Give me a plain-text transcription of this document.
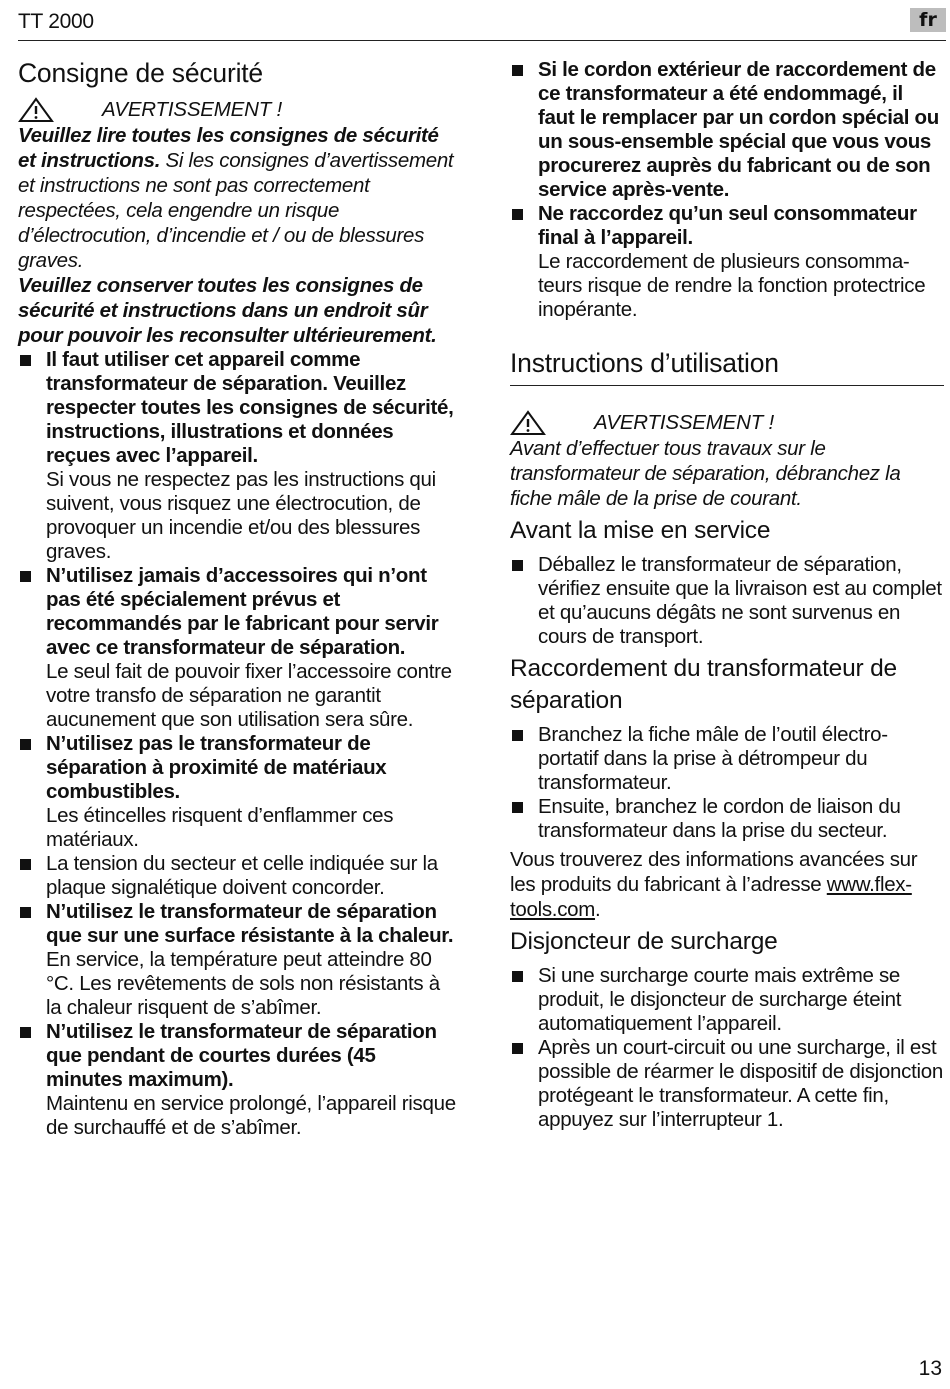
TT 2000	fr
Consigne de sécurité
AVERTISSEMENT !
Veuillez lire toutes les consignes de sécurité et instructions. Si les consignes d’avertissement et instructions ne sont pas correctement respectées, cela engendre un risque d’électrocution, d’incendie et / ou de blessures graves.
Veuillez conserver toutes les consignes de sécurité et instructions dans un endroit sûr pour pouvoir les reconsulter ultérieurement.
Il faut utiliser cet appareil comme transformateur de séparation. Veuillez respecter toutes les consignes de sécurité, instructions, illustrations et données reçues avec l’appareil.
Si vous ne respectez pas les instructions qui suivent, vous risquez une électrocution, de provoquer un incendie et/ou des blessures graves.
N’utilisez jamais d’accessoires qui n’ont pas été spécialement prévus et recommandés par le fabricant pour servir avec ce transformateur de séparation.
Le seul fait de pouvoir fixer l’accessoire contre votre transfo de séparation ne garantit aucunement que son utilisation sera sûre.
N’utilisez pas le transformateur de séparation à proximité de matériaux combustibles.
Les étincelles risquent d’enflammer ces matériaux.
La tension du secteur et celle indiquée sur la plaque signalétique doivent concorder.
N’utilisez le transformateur de séparation que sur une surface résistante à la chaleur.
En service, la température peut atteindre 80 °C. Les revêtements de sols non résistants à la chaleur risquent de s’abîmer.
N’utilisez le transformateur de séparation que pendant de courtes durées (45 minutes maximum).
Maintenu en service prolongé, l’appareil risque de surchauffé et de s’abîmer.
Si le cordon extérieur de raccordement de ce transformateur a été endommagé, il faut le remplacer par un cordon spécial ou un sous-ensemble spécial que vous vous procurerez auprès du fabricant ou de son service après-vente.
Ne raccordez qu’un seul consommateur final à l’appareil.
Le raccordement de plusieurs consomma-teurs risque de rendre la fonction protectrice inopérante.
Instructions d’utilisation
AVERTISSEMENT !
Avant d’effectuer tous travaux sur le transformateur de séparation, débranchez la fiche mâle de la prise de courant.
Avant la mise en service
Déballez le transformateur de séparation, vérifiez ensuite que la livraison est au complet et qu’aucuns dégâts ne sont survenus en cours de transport.
Raccordement du transformateur de séparation
Branchez la fiche mâle de l’outil électro-portatif dans la prise à détrompeur du transformateur.
Ensuite, branchez le cordon de liaison du transformateur dans la prise du secteur.
Vous trouverez des informations avancées sur les produits du fabricant à l’adresse www.flex-tools.com.
Disjoncteur de surcharge
Si une surcharge courte mais extrême se produit, le disjoncteur de surcharge éteint automatiquement l’appareil.
Après un court-circuit ou une surcharge, il est possible de réarmer le dispositif de disjonction protégeant le transformateur. A cette fin, appuyez sur l’interrupteur 1.
13
